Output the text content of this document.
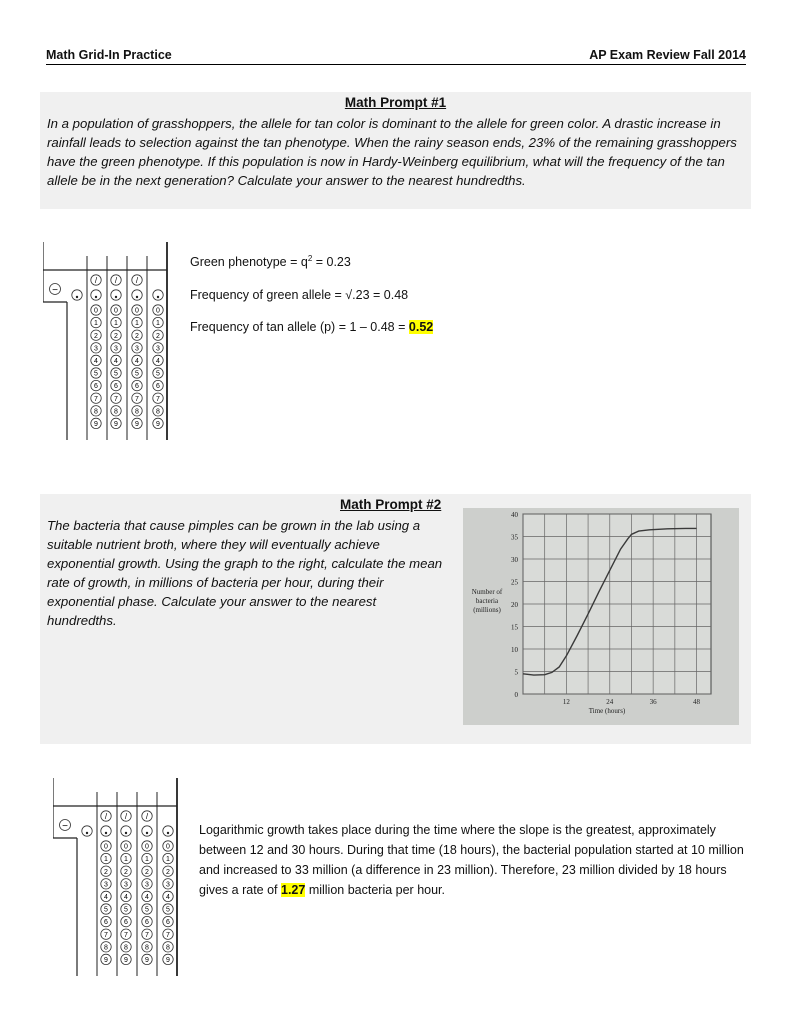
Math Grid-In Practice	AP Exam Review Fall 2014
Math Prompt #1
In a population of grasshoppers, the allele for tan color is dominant to the allele for green color. A drastic increase in rainfall leads to selection against the tan phenotype. When the rainy season ends, 23% of the remaining grasshoppers have the green phenotype. If this population is now in Hardy-Weinberg equilibrium, what will the frequency of the tan allele be in the next generation? Calculate your answer to the nearest hundredths.
−
/ / /
0 0 0 0
1 1 1 1
2 2 2 2
3 3 3 3
4 4 4 4
5 5 5 5
6 6 6 6
7 7 7 7
8 8 8 8
9 9 9 9
Green phenotype = $q^2 = 0.23$
Frequency of green allele = √.23 = 0.48
Frequency of tan allele (p) = 1 – 0.48 = 0.52
Math Prompt #2
The bacteria that cause pimples can be grown in the lab using a suitable nutrient broth, where they will eventually achieve exponential growth. Using the graph to the right, calculate the mean rate of growth, in millions of bacteria per hour, during their exponential phase. Calculate your answer to the nearest hundredths.
0
5
10
15
20
25
30
35
40
12	24	36	48
Time (hours)
Number of
bacteria
(millions)
−
/ / /
0 0 0 0
1 1 1 1
2 2 2 2
3 3 3 3
4 4 4 4
5 5 5 5
6 6 6 6
7 7 7 7
8 8 8 8
9 9 9 9
Logarithmic growth takes place during the time where the slope is the greatest, approximately between 12 and 30 hours. During that time (18 hours), the bacterial population started at 10 million and increased to 33 million (a difference in 23 million). Therefore, 23 million divided by 18 hours gives a rate of 1.27 million bacteria per hour.
